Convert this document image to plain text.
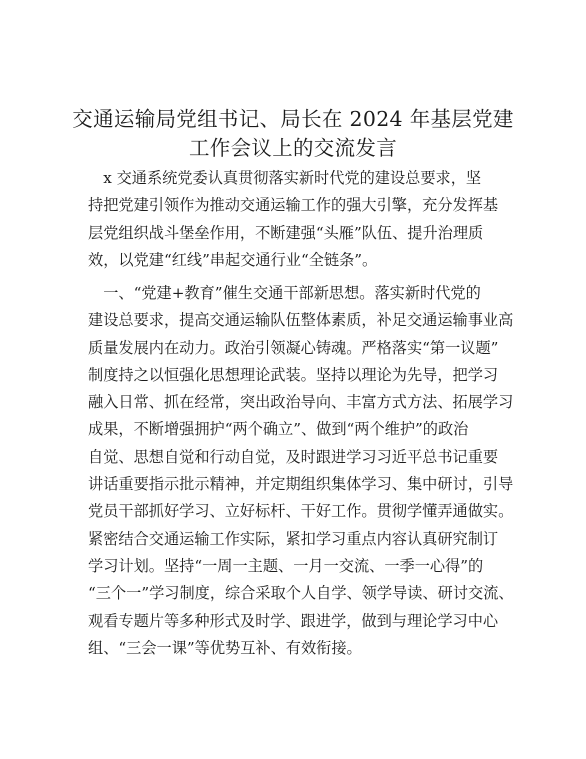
交通运输局党组书记、局长在 2024 年基层党建
工作会议上的交流发言
　x 交通系统党委认真贯彻落实新时代党的建设总要求，坚
持把党建引领作为推动交通运输工作的强大引擎，充分发挥基
层党组织战斗堡垒作用，不断建强“头雁”队伍、提升治理质
效，以党建“红线”串起交通行业“全链条”。
　一、“党建+教育”催生交通干部新思想。落实新时代党的
建设总要求，提高交通运输队伍整体素质，补足交通运输事业高
质量发展内在动力。政治引领凝心铸魂。严格落实“第一议题”
制度持之以恒强化思想理论武装。坚持以理论为先导，把学习
融入日常、抓在经常，突出政治导向、丰富方式方法、拓展学习
成果，不断增强拥护“两个确立”、做到“两个维护”的政治
自觉、思想自觉和行动自觉，及时跟进学习习近平总书记重要
讲话重要指示批示精神，并定期组织集体学习、集中研讨，引导
党员干部抓好学习、立好标杆、干好工作。贯彻学懂弄通做实。
紧密结合交通运输工作实际，紧扣学习重点内容认真研究制订
学习计划。坚持“一周一主题、一月一交流、一季一心得”的
“三个一”学习制度，综合采取个人自学、领学导读、研讨交流、
观看专题片等多种形式及时学、跟进学，做到与理论学习中心
组、“三会一课”等优势互补、有效衔接。
